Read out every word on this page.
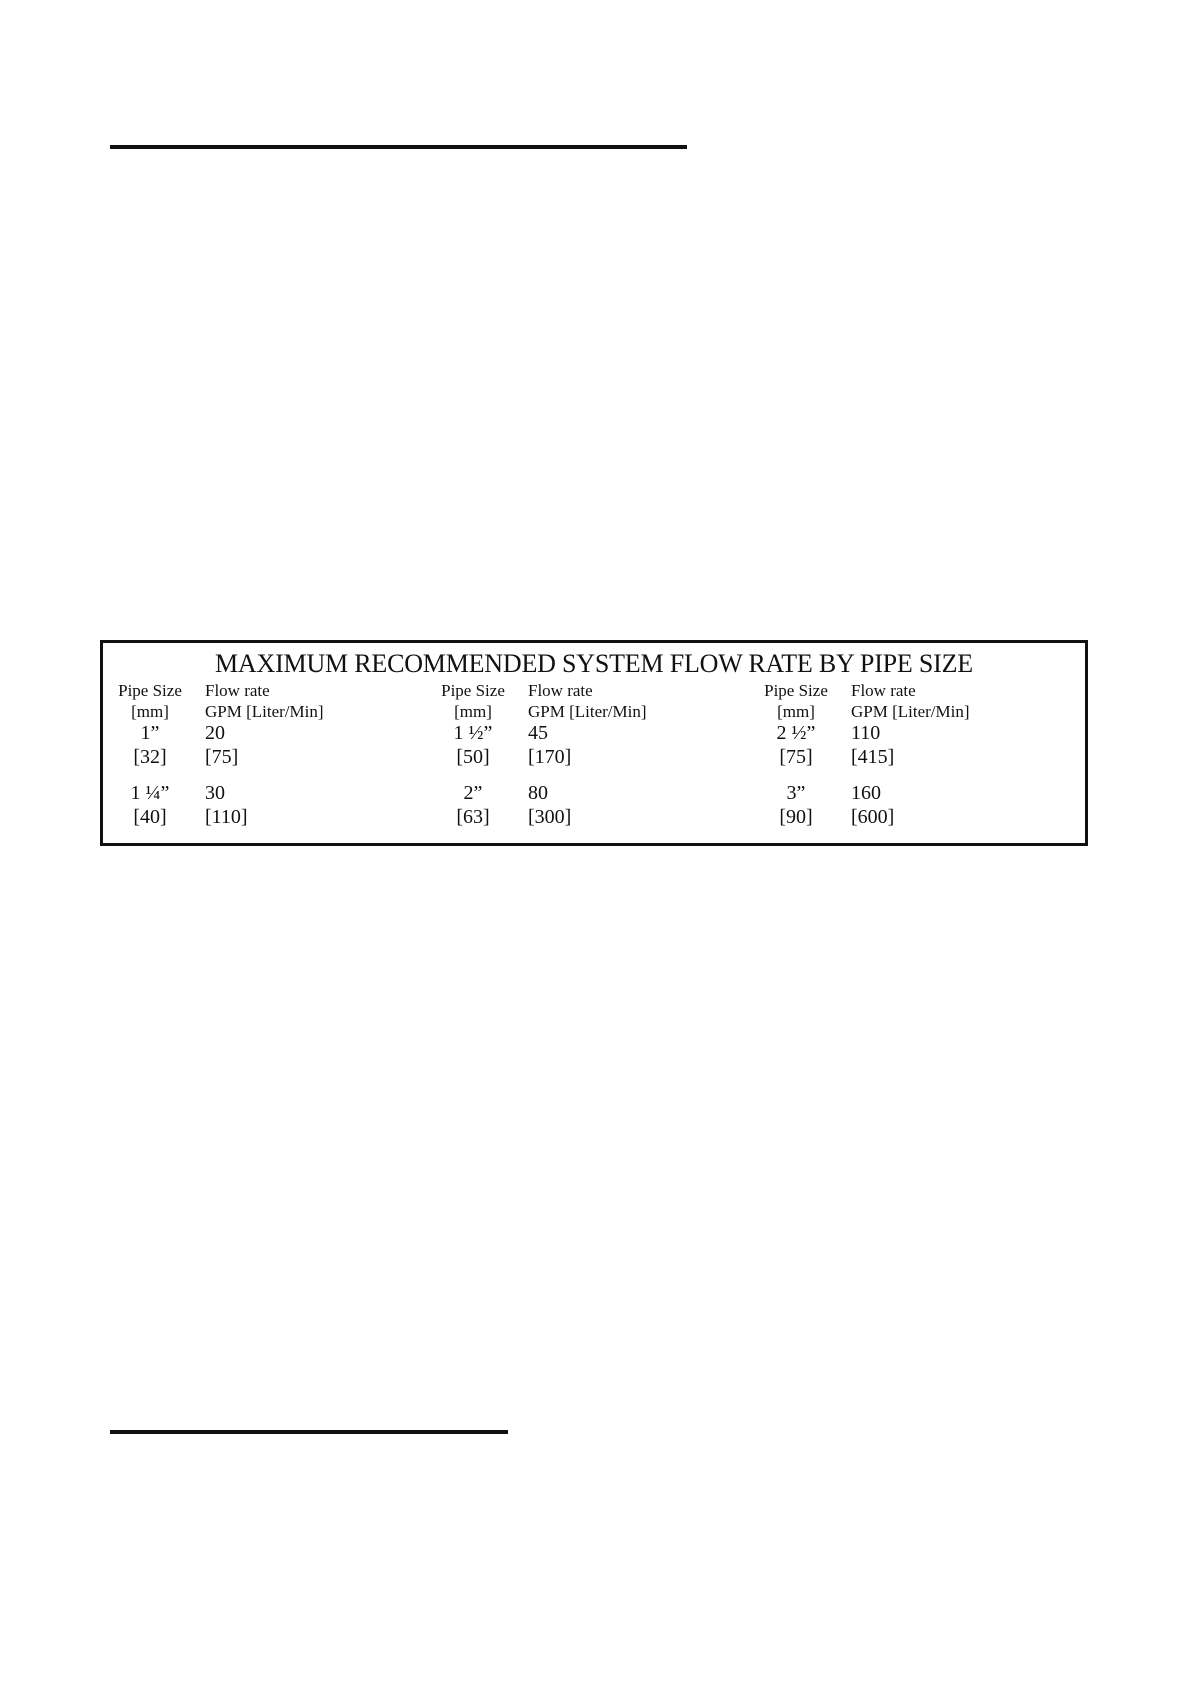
MAXIMUM RECOMMENDED SYSTEM FLOW RATE BY PIPE SIZE
Pipe Size
[mm]
Flow rate
GPM [Liter/Min]
1”
[32]
20
[75]
1 ¼”
[40]
30
[110]
Pipe Size
[mm]
Flow rate
GPM [Liter/Min]
1 ½”
[50]
45
[170]
2”
[63]
80
[300]
Pipe Size
[mm]
Flow rate
GPM [Liter/Min]
2 ½”
[75]
110
[415]
3”
[90]
160
[600]
